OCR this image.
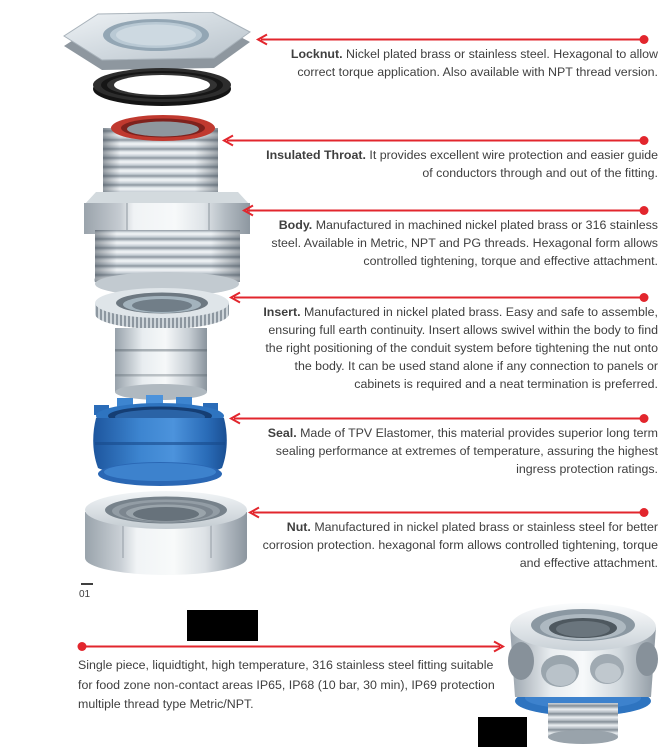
01

Locknut. Nickel plated brass or stainless steel. Hexagonal to allow correct torque application. Also available with NPT thread version.

Insulated Throat. It provides excellent wire protection and easier guide of conductors through and out of the fitting.

Body. Manufactured in machined nickel plated brass or 316 stainless steel. Available in Metric, NPT and PG threads. Hexagonal form allows controlled tightening, torque and effective attachment.

Insert. Manufactured in nickel plated brass. Easy and safe to assemble, ensuring full earth continuity. Insert allows swivel within the body to find the right positioning of the conduit system before tightening the nut onto the body. It can be used stand alone if any connection to panels or cabinets is required and a neat termination is preferred.

Seal. Made of TPV Elastomer, this material provides superior long term sealing performance at extremes of temperature, assuring the highest ingress protection ratings.

Nut. Manufactured in nickel plated brass or stainless steel for better corrosion protection. hexagonal form allows controlled tightening, torque and effective attachment.

Single piece, liquidtight, high temperature, 316 stainless steel fitting suitable for food zone non-contact areas IP65, IP68 (10 bar, 30 min), IP69 protection multiple thread type Metric/NPT.
